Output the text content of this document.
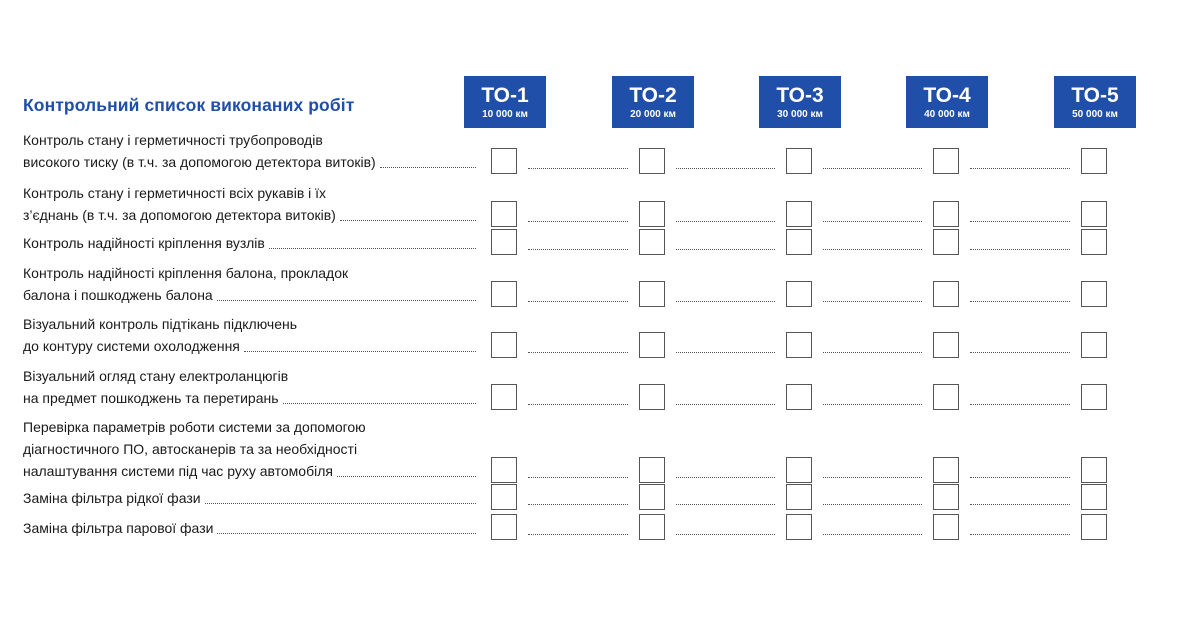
Контрольний список виконаних робіт	ТО-1
10 000 км
ТО-2
20 000 км
ТО-3
30 000 км
ТО-4
40 000 км
ТО-5
50 000 км
Контроль стану і герметичності трубопроводів
високого тиску (в т.ч. за допомогою детектора витоків)
Контроль стану і герметичності всіх рукавів і їх
з’єднань (в т.ч. за допомогою детектора витоків)
Контроль надійності кріплення вузлів
Контроль надійності кріплення балона, прокладок
балона і пошкоджень балона
Візуальний контроль підтікань підключень
до контуру системи охолодження
Візуальний огляд стану електроланцюгів
на предмет пошкоджень та перетирань
Перевірка параметрів роботи системи за допомогою
діагностичного ПО, автосканерів та за необхідності
налаштування системи під час руху автомобіля
Заміна фільтра рідкої фази
Заміна фільтра парової фази
